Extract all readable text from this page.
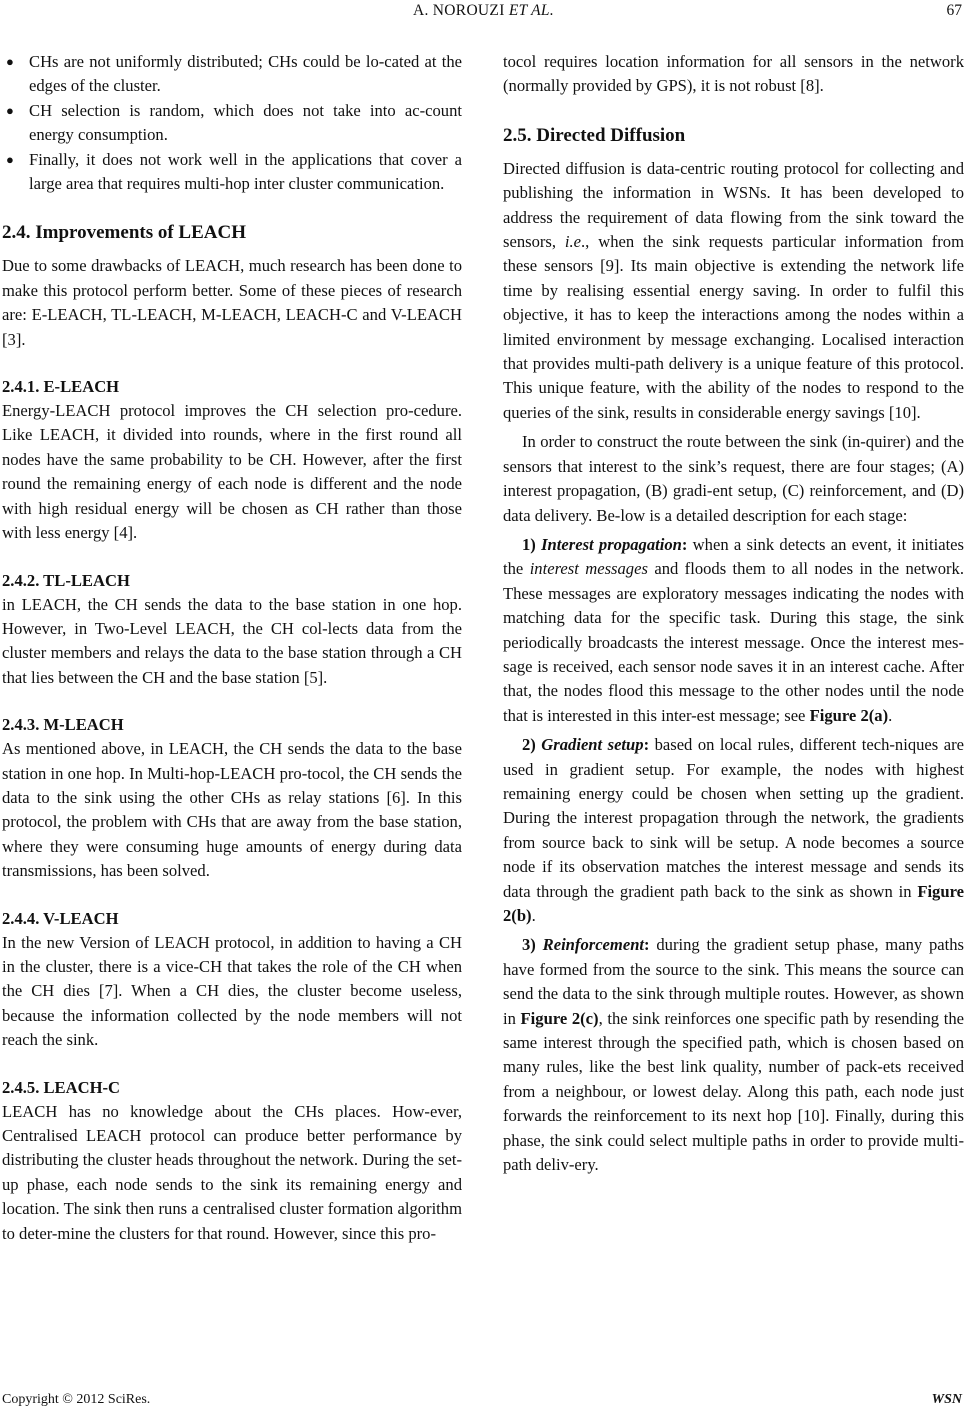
A. NOROUZI ET AL.	67
● CHs are not uniformly distributed; CHs could be lo-cated at the edges of the cluster.
● CH selection is random, which does not take into ac-count energy consumption.
● Finally, it does not work well in the applications that cover a large area that requires multi-hop inter cluster communication.
2.4. Improvements of LEACH

Due to some drawbacks of LEACH, much research has been done to make this protocol perform better. Some of these pieces of research are: E-LEACH, TL-LEACH, M-LEACH, LEACH-C and V-LEACH [3].

2.4.1. E-LEACH

Energy-LEACH protocol improves the CH selection pro-cedure. Like LEACH, it divided into rounds, where in the first round all nodes have the same probability to be CH. However, after the first round the remaining energy of each node is different and the node with high residual energy will be chosen as CH rather than those with less energy [4].

2.4.2. TL-LEACH

in LEACH, the CH sends the data to the base station in one hop. However, in Two-Level LEACH, the CH col-lects data from the cluster members and relays the data to the base station through a CH that lies between the CH and the base station [5].

2.4.3. M-LEACH

As mentioned above, in LEACH, the CH sends the data to the base station in one hop. In Multi-hop-LEACH pro-tocol, the CH sends the data to the sink using the other CHs as relay stations [6]. In this protocol, the problem with CHs that are away from the base station, where they were consuming huge amounts of energy during data transmissions, has been solved.

2.4.4. V-LEACH

In the new Version of LEACH protocol, in addition to having a CH in the cluster, there is a vice-CH that takes the role of the CH when the CH dies [7]. When a CH dies, the cluster become useless, because the information collected by the node members will not reach the sink.

2.4.5. LEACH-C

LEACH has no knowledge about the CHs places. How-ever, Centralised LEACH protocol can produce better performance by distributing the cluster heads throughout the network. During the set-up phase, each node sends to the sink its remaining energy and location. The sink then runs a centralised cluster formation algorithm to deter-mine the clusters for that round. However, since this pro-

tocol requires location information for all sensors in the network (normally provided by GPS), it is not robust [8].

2.5. Directed Diffusion

Directed diffusion is data-centric routing protocol for collecting and publishing the information in WSNs. It has been developed to address the requirement of data flowing from the sink toward the sensors, i.e., when the sink requests particular information from these sensors [9]. Its main objective is extending the network life time by realising essential energy saving. In order to fulfil this objective, it has to keep the interactions among the nodes within a limited environment by message exchanging. Localised interaction that provides multi-path delivery is a unique feature of this protocol. This unique feature, with the ability of the nodes to respond to the queries of the sink, results in considerable energy savings [10].

In order to construct the route between the sink (in-quirer) and the sensors that interest to the sink’s request, there are four stages; (A) interest propagation, (B) gradi-ent setup, (C) reinforcement, and (D) data delivery. Be-low is a detailed description for each stage:

1) Interest propagation: when a sink detects an event, it initiates the interest messages and floods them to all nodes in the network. These messages are exploratory messages indicating the nodes with matching data for the specific task. During this stage, the sink periodically broadcasts the interest message. Once the interest mes-sage is received, each sensor node saves it in an interest cache. After that, the nodes flood this message to the other nodes until the node that is interested in this inter-est message; see Figure 2(a).

2) Gradient setup: based on local rules, different tech-niques are used in gradient setup. For example, the nodes with highest remaining energy could be chosen when setting up the gradient. During the interest propagation through the network, the gradients from source back to sink will be setup. A node becomes a source node if its observation matches the interest message and sends its data through the gradient path back to the sink as shown in Figure 2(b).

3) Reinforcement: during the gradient setup phase, many paths have formed from the source to the sink. This means the source can send the data to the sink through multiple routes. However, as shown in Figure 2(c), the sink reinforces one specific path by resending the same interest through the specified path, which is chosen based on many rules, like the best link quality, number of pack-ets received from a neighbour, or lowest delay. Along this path, each node just forwards the reinforcement to its next hop [10]. Finally, during this phase, the sink could select multiple paths in order to provide multi-path deliv-ery.

Copyright © 2012 SciRes.	WSN
